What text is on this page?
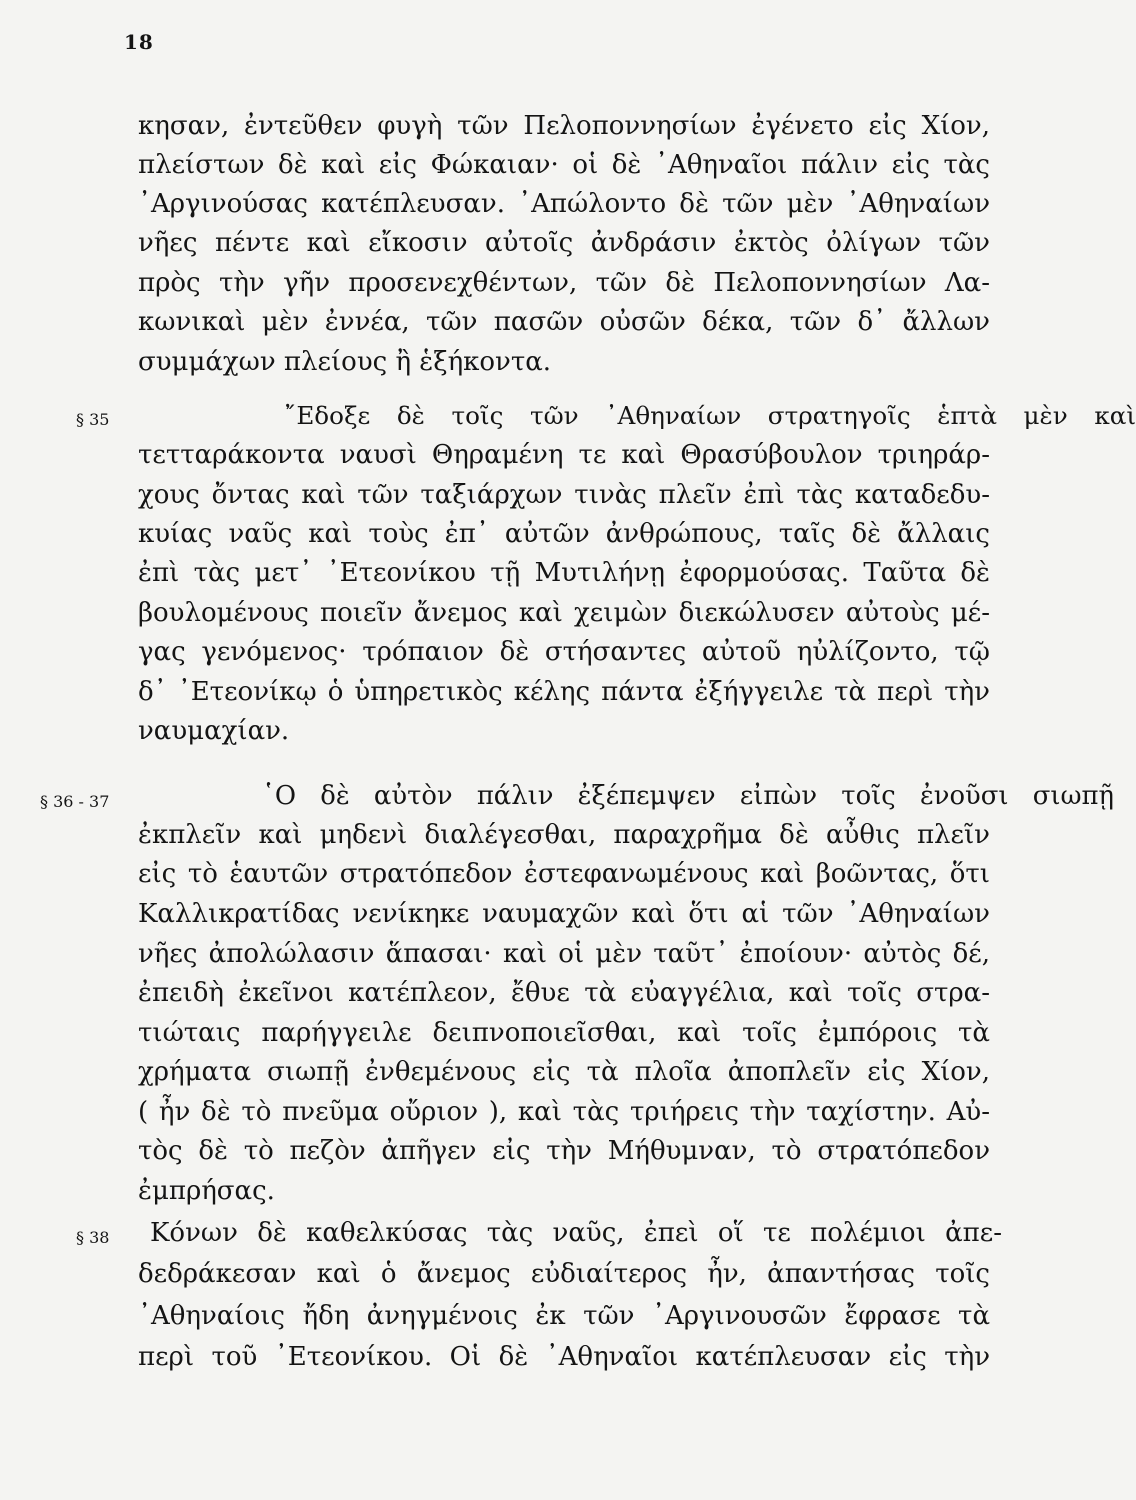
18
§ 35
§ 36 - 37
§ 38
κησαν, ἐντεῦθεν φυγὴ τῶν Πελοποννησίων ἐγένετο εἰς Χίον,
πλείστων δὲ καὶ εἰς Φώκαιαν· οἱ δὲ ᾿Αθηναῖοι πάλιν εἰς τὰς
᾿Αργινούσας κατέπλευσαν. ᾿Απώλοντο δὲ τῶν μὲν ᾿Αθηναίων
νῆες πέντε καὶ εἴκοσιν αὐτοῖς ἀνδράσιν ἐκτὸς ὀλίγων τῶν
πρὸς τὴν γῆν προσενεχθέντων, τῶν δὲ Πελοποννησίων Λα-
κωνικαὶ μὲν ἐννέα, τῶν πασῶν οὐσῶν δέκα, τῶν δ᾿ ἄλλων
συμμάχων πλείους ἢ ἑξήκοντα.
῎Εδοξε δὲ τοῖς τῶν ᾿Αθηναίων στρατηγοῖς ἑπτὰ μὲν καὶ
τετταράκοντα ναυσὶ Θηραμένη τε καὶ Θρασύβουλον τριηράρ-
χους ὄντας καὶ τῶν ταξιάρχων τινὰς πλεῖν ἐπὶ τὰς καταδεδυ-
κυίας ναῦς καὶ τοὺς ἐπ᾿ αὐτῶν ἀνθρώπους, ταῖς δὲ ἄλλαις
ἐπὶ τὰς μετ᾿ ᾿Ετεονίκου τῇ Μυτιλήνῃ ἐφορμούσας. Ταῦτα δὲ
βουλομένους ποιεῖν ἄνεμος καὶ χειμὼν διεκώλυσεν αὐτοὺς μέ-
γας γενόμενος· τρόπαιον δὲ στήσαντες αὐτοῦ ηὐλίζοντο, τῷ
δ᾿ ᾿Ετεονίκῳ ὁ ὑπηρετικὸς κέλης πάντα ἐξήγγειλε τὰ περὶ τὴν
ναυμαχίαν.
῾Ο δὲ αὐτὸν πάλιν ἐξέπεμψεν εἰπὼν τοῖς ἐνοῦσι σιωπῇ
ἐκπλεῖν καὶ μηδενὶ διαλέγεσθαι, παραχρῆμα δὲ αὖθις πλεῖν
εἰς τὸ ἑαυτῶν στρατόπεδον ἐστεφανωμένους καὶ βοῶντας, ὅτι
Καλλικρατίδας νενίκηκε ναυμαχῶν καὶ ὅτι αἱ τῶν ᾿Αθηναίων
νῆες ἀπολώλασιν ἅπασαι· καὶ οἱ μὲν ταῦτ᾿ ἐποίουν· αὐτὸς δέ,
ἐπειδὴ ἐκεῖνοι κατέπλεον, ἔθυε τὰ εὐαγγέλια, καὶ τοῖς στρα-
τιώταις παρήγγειλε δειπνοποιεῖσθαι, καὶ τοῖς ἐμπόροις τὰ
χρήματα σιωπῇ ἐνθεμένους εἰς τὰ πλοῖα ἀποπλεῖν εἰς Χίον,
( ἦν δὲ τὸ πνεῦμα οὔριον ), καὶ τὰς τριήρεις τὴν ταχίστην. Αὐ-
τὸς δὲ τὸ πεζὸν ἀπῆγεν εἰς τὴν Μήθυμναν, τὸ στρατόπεδον
ἐμπρήσας.
Κόνων δὲ καθελκύσας τὰς ναῦς, ἐπεὶ οἵ τε πολέμιοι ἀπε-
δεδράκεσαν καὶ ὁ ἄνεμος εὐδιαίτερος ἦν, ἀπαντήσας τοῖς
᾿Αθηναίοις ἤδη ἀνηγμένοις ἐκ τῶν ᾿Αργινουσῶν ἔφρασε τὰ
περὶ τοῦ ᾿Ετεονίκου. Οἱ δὲ ᾿Αθηναῖοι κατέπλευσαν εἰς τὴν
